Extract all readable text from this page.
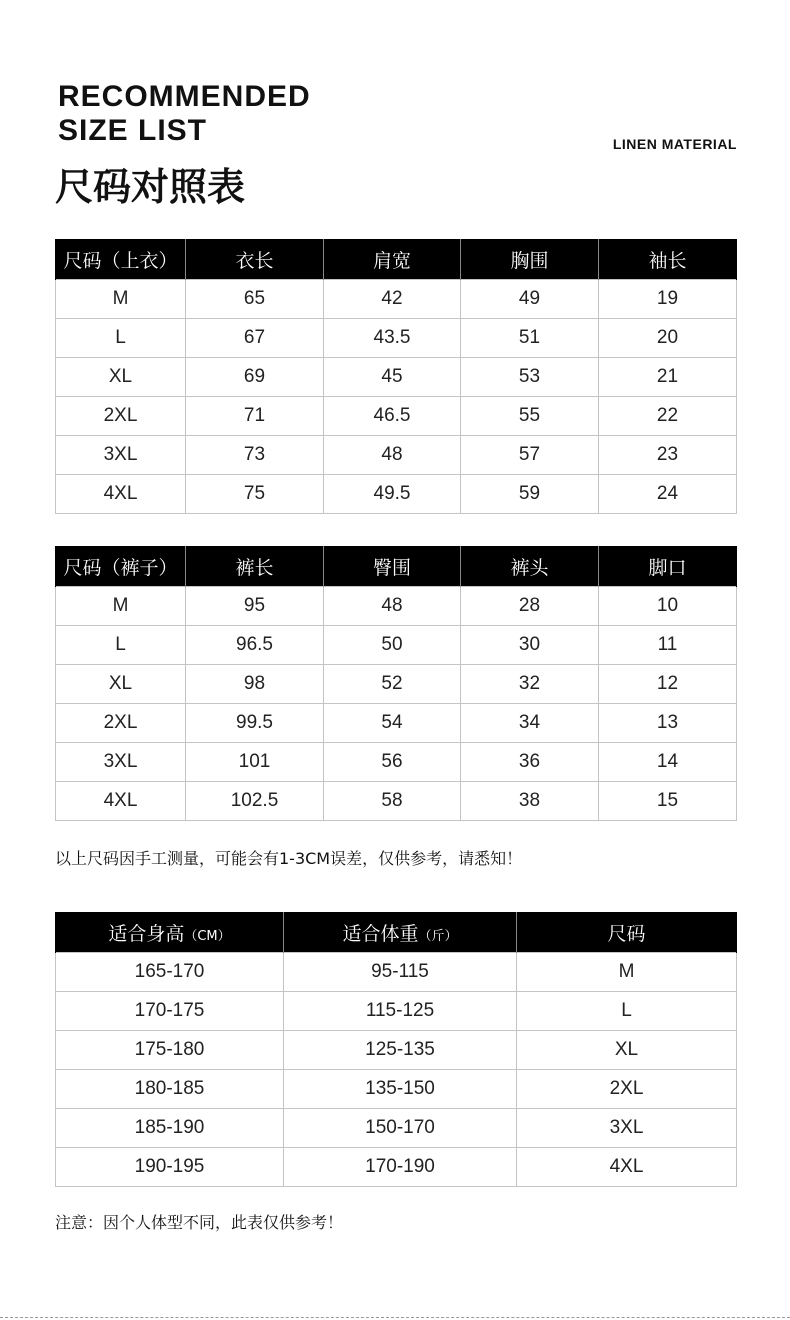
RECOMMENDED
SIZE LIST	LINEN MATERIAL
尺码对照表
尺码（上衣）	衣长	肩宽	胸围	袖长
M	65	42	49	19
L	67	43.5	51	20
XL	69	45	53	21
2XL	71	46.5	55	22
3XL	73	48	57	23
4XL	75	49.5	59	24
尺码（裤子）	裤长	臀围	裤头	脚口
M	95	48	28	10
L	96.5	50	30	11
XL	98	52	32	12
2XL	99.5	54	34	13
3XL	101	56	36	14
4XL	102.5	58	38	15
以上尺码因手工测量，可能会有1-3CM误差，仅供参考，请悉知！
适合身高（CM）	适合体重（斤）	尺码
165-170	95-115	M
170-175	115-125	L
175-180	125-135	XL
180-185	135-150	2XL
185-190	150-170	3XL
190-195	170-190	4XL
注意：因个人体型不同，此表仅供参考！
